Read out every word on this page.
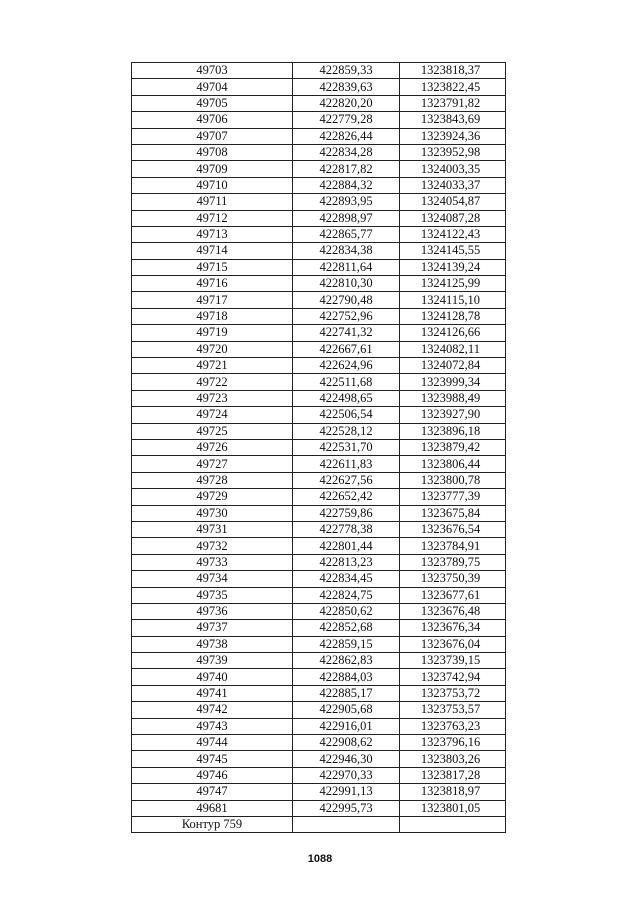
49703	422859,33	1323818,37
49704	422839,63	1323822,45
49705	422820,20	1323791,82
49706	422779,28	1323843,69
49707	422826,44	1323924,36
49708	422834,28	1323952,98
49709	422817,82	1324003,35
49710	422884,32	1324033,37
49711	422893,95	1324054,87
49712	422898,97	1324087,28
49713	422865,77	1324122,43
49714	422834,38	1324145,55
49715	422811,64	1324139,24
49716	422810,30	1324125,99
49717	422790,48	1324115,10
49718	422752,96	1324128,78
49719	422741,32	1324126,66
49720	422667,61	1324082,11
49721	422624,96	1324072,84
49722	422511,68	1323999,34
49723	422498,65	1323988,49
49724	422506,54	1323927,90
49725	422528,12	1323896,18
49726	422531,70	1323879,42
49727	422611,83	1323806,44
49728	422627,56	1323800,78
49729	422652,42	1323777,39
49730	422759,86	1323675,84
49731	422778,38	1323676,54
49732	422801,44	1323784,91
49733	422813,23	1323789,75
49734	422834,45	1323750,39
49735	422824,75	1323677,61
49736	422850,62	1323676,48
49737	422852,68	1323676,34
49738	422859,15	1323676,04
49739	422862,83	1323739,15
49740	422884,03	1323742,94
49741	422885,17	1323753,72
49742	422905,68	1323753,57
49743	422916,01	1323763,23
49744	422908,62	1323796,16
49745	422946,30	1323803,26
49746	422970,33	1323817,28
49747	422991,13	1323818,97
49681	422995,73	1323801,05
Контур 759		
1088
